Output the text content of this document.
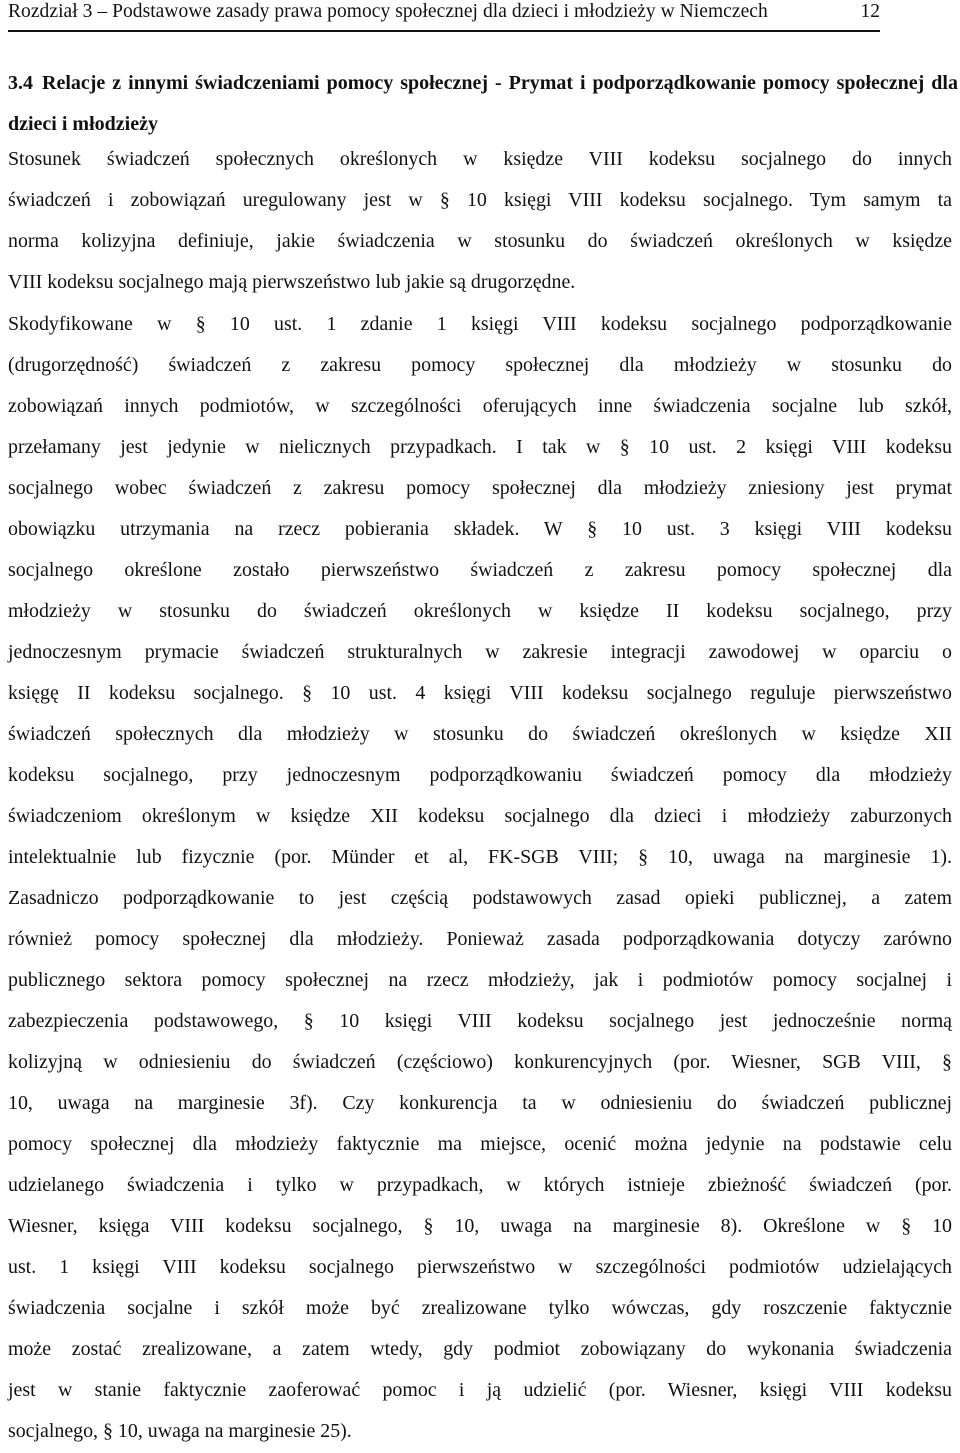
Rozdział 3 – Podstawowe zasady prawa pomocy społecznej dla dzieci i młodzieży w Niemczech	12
3.4 Relacje z innymi świadczeniami pomocy społecznej - Prymat i podporządkowanie pomocy społecznej dla dzieci i młodzieży
Stosunek świadczeń społecznych określonych w księdze VIII kodeksu socjalnego do innych
świadczeń i zobowiązań uregulowany jest w § 10 księgi VIII kodeksu socjalnego. Tym samym ta
norma kolizyjna definiuje, jakie świadczenia w stosunku do świadczeń określonych w księdze
VIII kodeksu socjalnego mają pierwszeństwo lub jakie są drugorzędne.
Skodyfikowane w § 10 ust. 1 zdanie 1 księgi VIII kodeksu socjalnego podporządkowanie
(drugorzędność) świadczeń z zakresu pomocy społecznej dla młodzieży w stosunku do
zobowiązań innych podmiotów, w szczególności oferujących inne świadczenia socjalne lub szkół,
przełamany jest jedynie w nielicznych przypadkach. I tak w § 10 ust. 2 księgi VIII kodeksu
socjalnego wobec świadczeń z zakresu pomocy społecznej dla młodzieży zniesiony jest prymat
obowiązku utrzymania na rzecz pobierania składek. W § 10 ust. 3 księgi VIII kodeksu
socjalnego określone zostało pierwszeństwo świadczeń z zakresu pomocy społecznej dla
młodzieży w stosunku do świadczeń określonych w księdze II kodeksu socjalnego, przy
jednoczesnym prymacie świadczeń strukturalnych w zakresie integracji zawodowej w oparciu o
księgę II kodeksu socjalnego. § 10 ust. 4 księgi VIII kodeksu socjalnego reguluje pierwszeństwo
świadczeń społecznych dla młodzieży w stosunku do świadczeń określonych w księdze XII
kodeksu socjalnego, przy jednoczesnym podporządkowaniu świadczeń pomocy dla młodzieży
świadczeniom określonym w księdze XII kodeksu socjalnego dla dzieci i młodzieży zaburzonych
intelektualnie lub fizycznie (por. Münder et al, FK-SGB VIII; § 10, uwaga na marginesie 1).
Zasadniczo podporządkowanie to jest częścią podstawowych zasad opieki publicznej, a zatem
również pomocy społecznej dla młodzieży. Ponieważ zasada podporządkowania dotyczy zarówno
publicznego sektora pomocy społecznej na rzecz młodzieży, jak i podmiotów pomocy socjalnej i
zabezpieczenia podstawowego, § 10 księgi VIII kodeksu socjalnego jest jednocześnie normą
kolizyjną w odniesieniu do świadczeń (częściowo) konkurencyjnych (por. Wiesner, SGB VIII, §
10, uwaga na marginesie 3f). Czy konkurencja ta w odniesieniu do świadczeń publicznej
pomocy społecznej dla młodzieży faktycznie ma miejsce, ocenić można jedynie na podstawie celu
udzielanego świadczenia i tylko w przypadkach, w których istnieje zbieżność świadczeń (por.
Wiesner, księga VIII kodeksu socjalnego, § 10, uwaga na marginesie 8). Określone w § 10
ust. 1 księgi VIII kodeksu socjalnego pierwszeństwo w szczególności podmiotów udzielających
świadczenia socjalne i szkół może być zrealizowane tylko wówczas, gdy roszczenie faktycznie
może zostać zrealizowane, a zatem wtedy, gdy podmiot zobowiązany do wykonania świadczenia
jest w stanie faktycznie zaoferować pomoc i ją udzielić (por. Wiesner, księgi VIII kodeksu
socjalnego, § 10, uwaga na marginesie 25).
